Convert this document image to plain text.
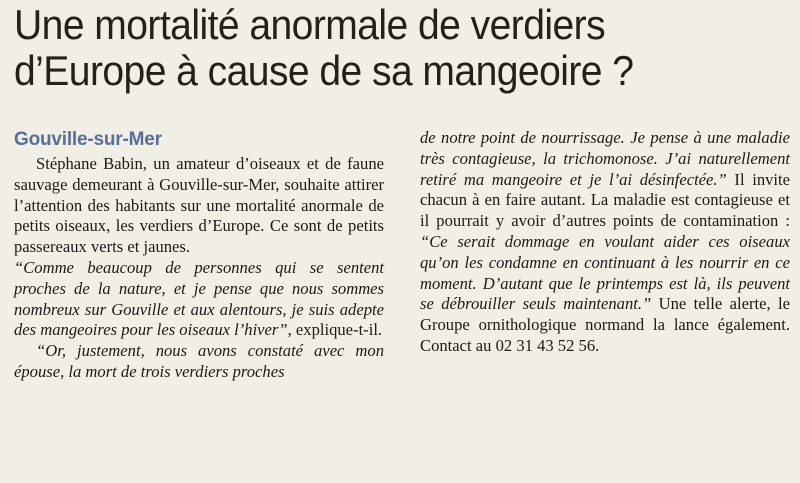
Une mortalité anormale de verdiers
d’Europe à cause de sa mangeoire ?
Gouville-sur-Mer

Stéphane Babin, un amateur d’oiseaux et de faune sauvage demeurant à Gouville-sur-Mer, souhaite attirer l’attention des habitants sur une mortalité anormale de petits oiseaux, les verdiers d’Europe. Ce sont de petits passereaux verts et jaunes.

“Comme beaucoup de personnes qui se sentent proches de la nature, et je pense que nous sommes nombreux sur Gouville et aux alentours, je suis adepte des mangeoires pour les oiseaux l’hiver”, explique-t-il.

“Or, justement, nous avons constaté avec mon épouse, la mort de trois verdiers proches

de notre point de nourrissage. Je pense à une maladie très contagieuse, la trichomonose. J’ai naturellement retiré ma mangeoire et je l’ai désinfectée.” Il invite chacun à en faire autant. La maladie est contagieuse et il pourrait y avoir d’autres points de contamination : “Ce serait dommage en voulant aider ces oiseaux qu’on les condamne en continuant à les nourrir en ce moment. D’autant que le printemps est là, ils peuvent se débrouiller seuls maintenant.” Une telle alerte, le Groupe ornithologique normand la lance également. Contact au 02 31 43 52 56.
